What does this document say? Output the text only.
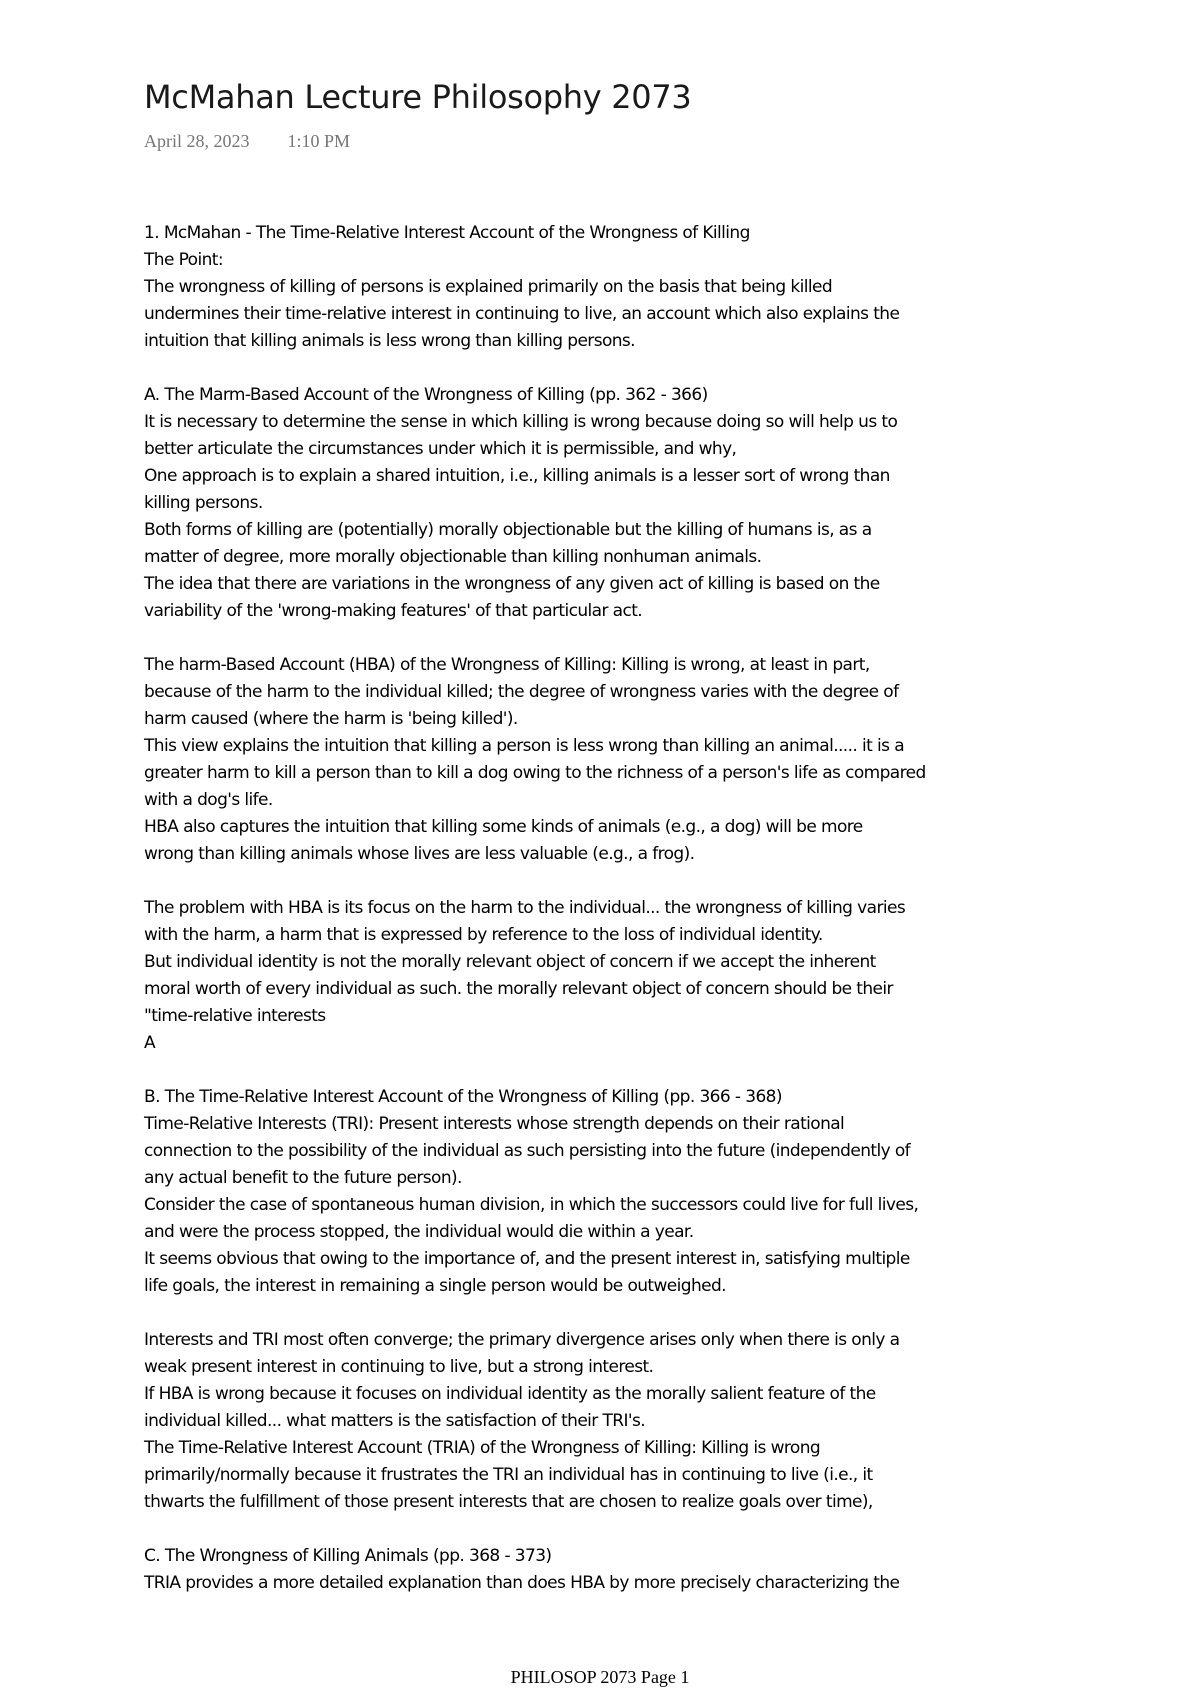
McMahan Lecture Philosophy 2073
April 28, 2023 1:10 PM
1. McMahan - The Time-Relative Interest Account of the Wrongness of Killing
The Point:
The wrongness of killing of persons is explained primarily on the basis that being killed
undermines their time-relative interest in continuing to live, an account which also explains the
intuition that killing animals is less wrong than killing persons.
A. The Marm-Based Account of the Wrongness of Killing (pp. 362 - 366)
It is necessary to determine the sense in which killing is wrong because doing so will help us to
better articulate the circumstances under which it is permissible, and why,
One approach is to explain a shared intuition, i.e., killing animals is a lesser sort of wrong than
killing persons.
Both forms of killing are (potentially) morally objectionable but the killing of humans is, as a
matter of degree, more morally objectionable than killing nonhuman animals.
The idea that there are variations in the wrongness of any given act of killing is based on the
variability of the 'wrong-making features' of that particular act.
The harm-Based Account (HBA) of the Wrongness of Killing: Killing is wrong, at least in part,
because of the harm to the individual killed; the degree of wrongness varies with the degree of
harm caused (where the harm is 'being killed').
This view explains the intuition that killing a person is less wrong than killing an animal..... it is a
greater harm to kill a person than to kill a dog owing to the richness of a person's life as compared
with a dog's life.
HBA also captures the intuition that killing some kinds of animals (e.g., a dog) will be more
wrong than killing animals whose lives are less valuable (e.g., a frog).
The problem with HBA is its focus on the harm to the individual... the wrongness of killing varies
with the harm, a harm that is expressed by reference to the loss of individual identity.
But individual identity is not the morally relevant object of concern if we accept the inherent
moral worth of every individual as such. the morally relevant object of concern should be their
"time-relative interests
A
B. The Time-Relative Interest Account of the Wrongness of Killing (pp. 366 - 368)
Time-Relative Interests (TRI): Present interests whose strength depends on their rational
connection to the possibility of the individual as such persisting into the future (independently of
any actual benefit to the future person).
Consider the case of spontaneous human division, in which the successors could live for full lives,
and were the process stopped, the individual would die within a year.
It seems obvious that owing to the importance of, and the present interest in, satisfying multiple
life goals, the interest in remaining a single person would be outweighed.
Interests and TRI most often converge; the primary divergence arises only when there is only a
weak present interest in continuing to live, but a strong interest.
If HBA is wrong because it focuses on individual identity as the morally salient feature of the
individual killed... what matters is the satisfaction of their TRI's.
The Time-Relative Interest Account (TRIA) of the Wrongness of Killing: Killing is wrong
primarily/normally because it frustrates the TRI an individual has in continuing to live (i.e., it
thwarts the fulfillment of those present interests that are chosen to realize goals over time),
C. The Wrongness of Killing Animals (pp. 368 - 373)
TRIA provides a more detailed explanation than does HBA by more precisely characterizing the
PHILOSOP 2073 Page 1
